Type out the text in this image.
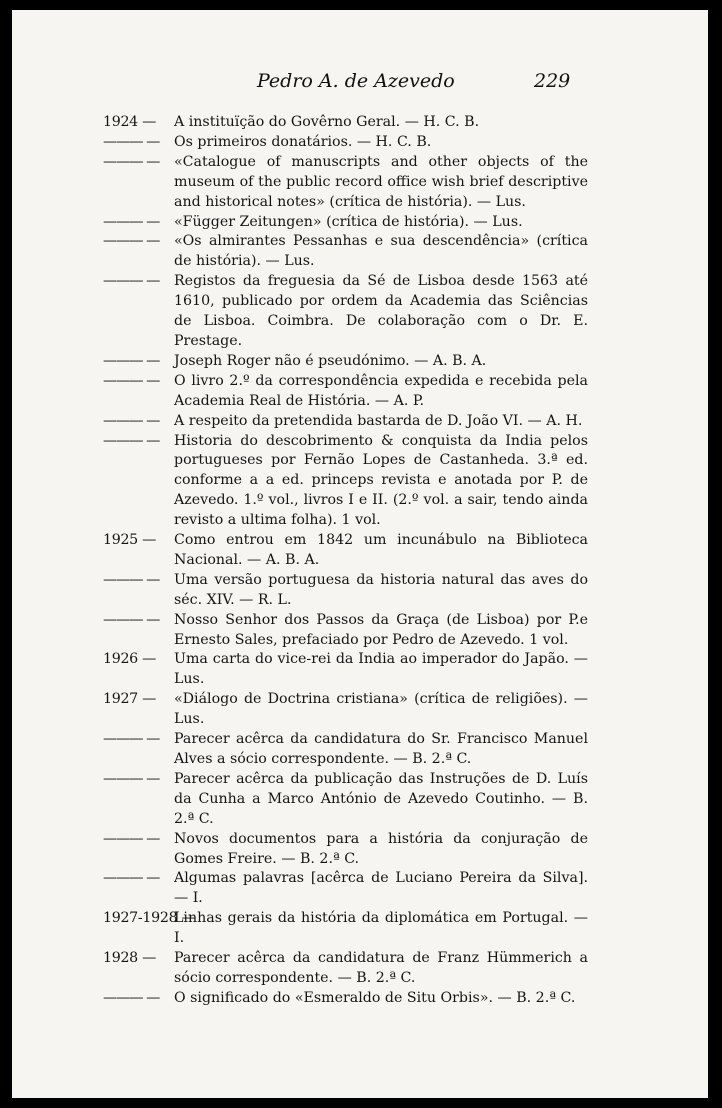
Pedro A. de Azevedo	229
1924 — A instituïção do Govêrno Geral. — H. C. B.
——— — Os primeiros donatários. — H. C. B.
——— — «Catalogue of manuscripts and other objects of the museum of the public record office wish brief descriptive and historical notes» (crítica de história). — Lus.
——— — «Függer Zeitungen» (crítica de história). — Lus.
——— — «Os almirantes Pessanhas e sua descendência» (crítica de história). — Lus.
——— — Registos da freguesia da Sé de Lisboa desde 1563 até 1610, publicado por ordem da Academia das Sciências de Lisboa. Coimbra. De colaboração com o Dr. E. Prestage.
——— — Joseph Roger não é pseudónimo. — A. B. A.
——— — O livro 2.º da correspondência expedida e recebida pela Academia Real de História. — A. P.
——— — A respeito da pretendida bastarda de D. João VI. — A. H.
——— — Historia do descobrimento & conquista da India pelos portugueses por Fernão Lopes de Castanheda. 3.ª ed. conforme a a ed. princeps revista e anotada por P. de Azevedo. 1.º vol., livros I e II. (2.º vol. a sair, tendo ainda revisto a ultima folha). 1 vol.
1925 — Como entrou em 1842 um incunábulo na Biblioteca Nacional. — A. B. A.
——— — Uma versão portuguesa da historia natural das aves do séc. XIV. — R. L.
——— — Nosso Senhor dos Passos da Graça (de Lisboa) por P.e Ernesto Sales, prefaciado por Pedro de Azevedo. 1 vol.
1926 — Uma carta do vice-rei da India ao imperador do Japão. — Lus.
1927 — «Diálogo de Doctrina cristiana» (crítica de religiões). — Lus.
——— — Parecer acêrca da candidatura do Sr. Francisco Manuel Alves a sócio correspondente. — B. 2.ª C.
——— — Parecer acêrca da publicação das Instruções de D. Luís da Cunha a Marco António de Azevedo Coutinho. — B. 2.ª C.
——— — Novos documentos para a história da conjuração de Gomes Freire. — B. 2.ª C.
——— — Algumas palavras [acêrca de Luciano Pereira da Silva]. — I.
1927-1928 —Linhas gerais da história da diplomática em Portugal. — I.
1928 — Parecer acêrca da candidatura de Franz Hümmerich a sócio correspondente. — B. 2.ª C.
——— — O significado do «Esmeraldo de Situ Orbis». — B. 2.ª C.
